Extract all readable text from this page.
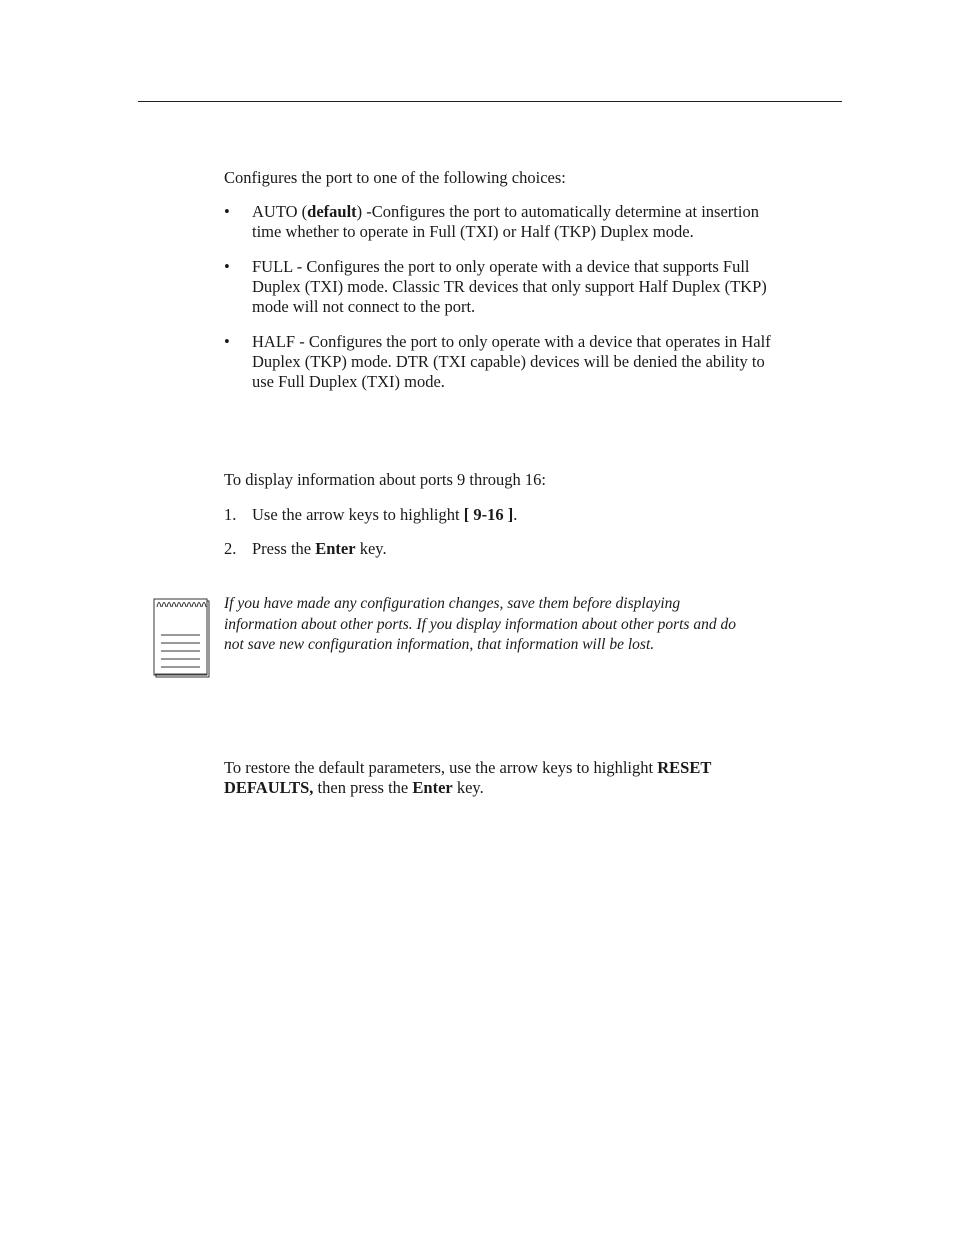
Configures the port to one of the following choices:

• AUTO (default) -Configures the port to automatically determine at insertion
time whether to operate in Full (TXI) or Half (TKP) Duplex mode.

• FULL - Configures the port to only operate with a device that supports Full
Duplex (TXI) mode. Classic TR devices that only support Half Duplex (TKP)
mode will not connect to the port.

• HALF - Configures the port to only operate with a device that operates in Half
Duplex (TKP) mode. DTR (TXI capable) devices will be denied the ability to
use Full Duplex (TXI) mode.

To display information about ports 9 through 16:

1. Use the arrow keys to highlight [ 9-16 ].

2. Press the Enter key.

If you have made any configuration changes, save them before displaying
information about other ports. If you display information about other ports and do
not save new configuration information, that information will be lost.

To restore the default parameters, use the arrow keys to highlight RESET
DEFAULTS, then press the Enter key.
